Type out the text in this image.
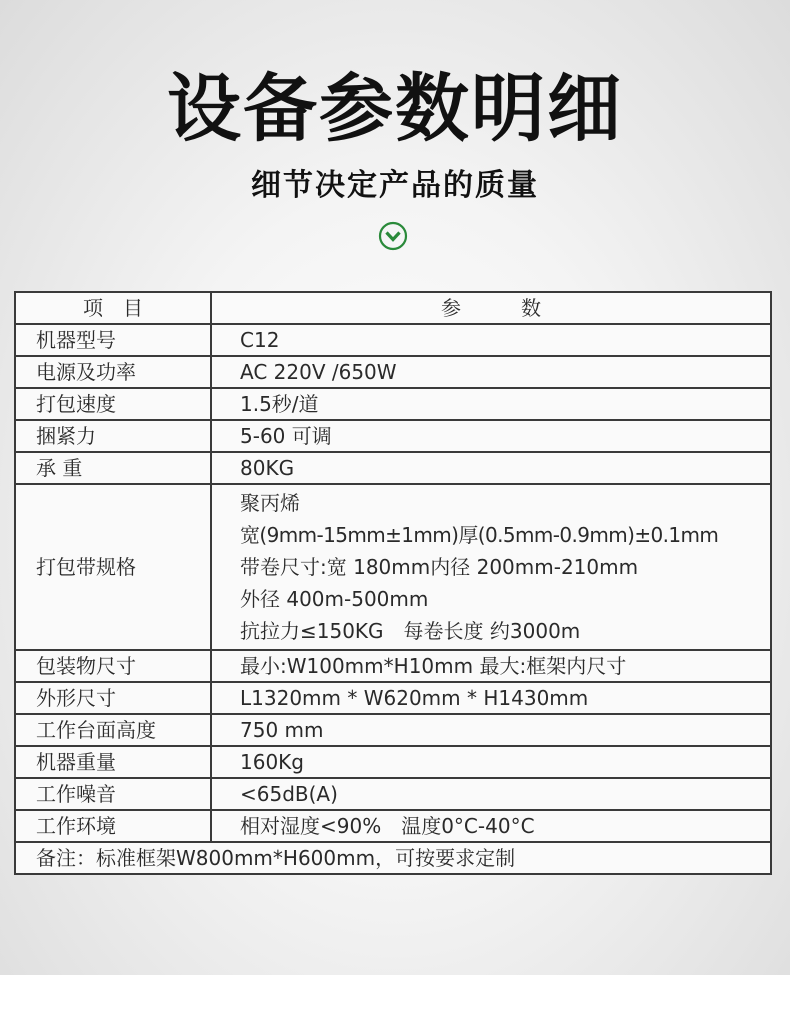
设备参数明细
细节决定产品的质量
项　目	参　　　数
机器型号	C12
电源及功率	AC 220V /650W
打包速度	1.5秒/道
捆紧力	5-60 可调
承 重	80KG
打包带规格	聚丙烯
宽(9mm-15mm±1mm)厚(0.5mm-0.9mm)±0.1mm
带卷尺寸:宽 180mm内径 200mm-210mm
外径 400m-500mm
抗拉力≤150KG　每卷长度 约3000m

包装物尺寸	最小:W100mm*H10mm 最大:框架内尺寸
外形尺寸	L1320mm * W620mm * H1430mm
工作台面高度	750 mm
机器重量	160Kg
工作噪音	<65dB(A)
工作环境	相对湿度<90%　温度0°C-40°C
备注：标准框架W800mm*H600mm，可按要求定制	
